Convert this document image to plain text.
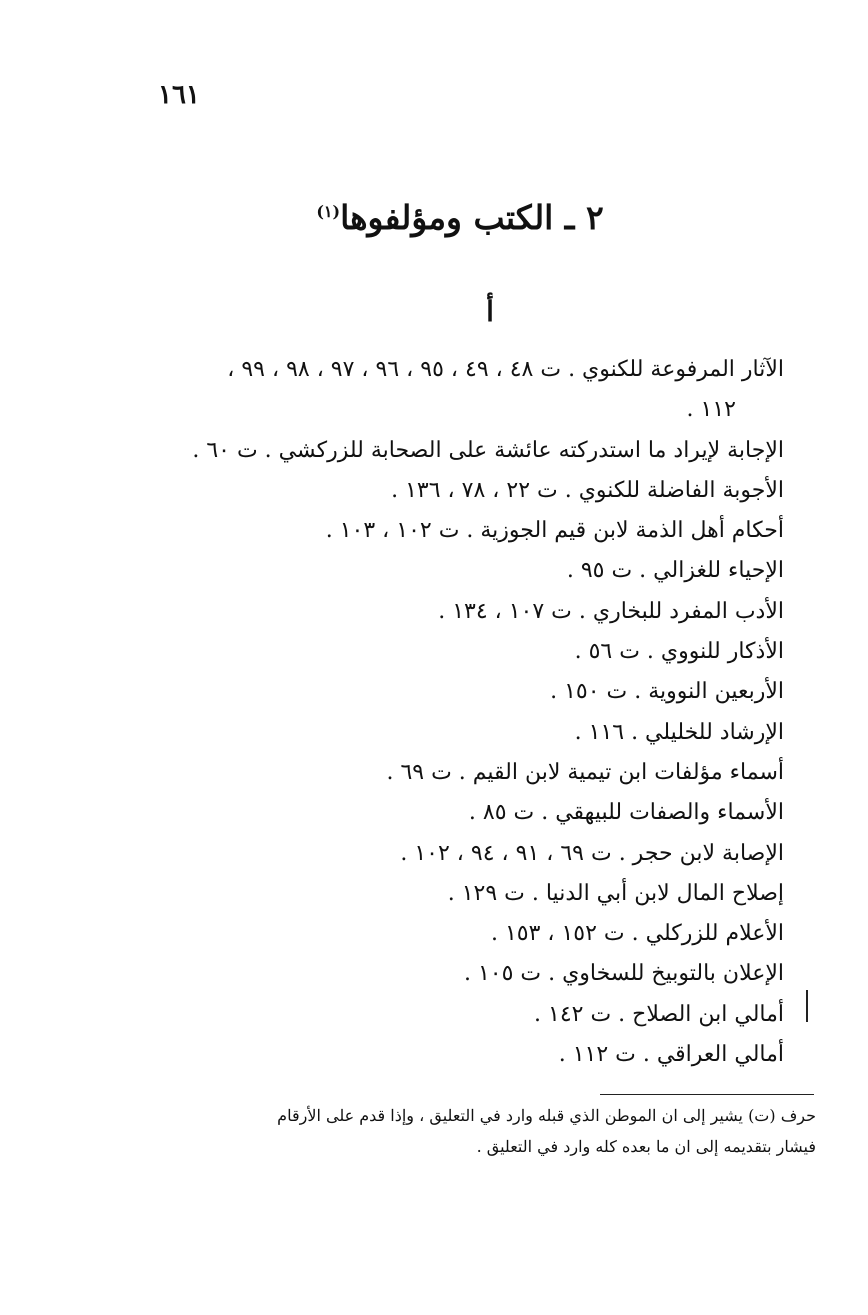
١٦١
٢ ـ الكتب ومؤلفوها$^{(١)}$
أ
الآثار المرفوعة للكنوي . ت ٤٨ ، ٤٩ ، ٩٥ ، ٩٦ ، ٩٧ ، ٩٨ ، ٩٩ ،
١١٢ .
الإجابة لإيراد ما استدركته عائشة على الصحابة للزركشي . ت ٦٠ .
الأجوبة الفاضلة للكنوي . ت ٢٢ ، ٧٨ ، ١٣٦ .
أحكام أهل الذمة لابن قيم الجوزية . ت ١٠٢ ، ١٠٣ .
الإحياء للغزالي . ت ٩٥ .
الأدب المفرد للبخاري . ت ١٠٧ ، ١٣٤ .
الأذكار للنووي . ت ٥٦ .
الأربعين النووية . ت ١٥٠ .
الإرشاد للخليلي . ١١٦ .
أسماء مؤلفات ابن تيمية لابن القيم . ت ٦٩ .
الأسماء والصفات للبيهقي . ت ٨٥ .
الإصابة لابن حجر . ت ٦٩ ، ٩١ ، ٩٤ ، ١٠٢ .
إصلاح المال لابن أبي الدنيا . ت ١٢٩ .
الأعلام للزركلي . ت ١٥٢ ، ١٥٣ .
الإعلان بالتوبيخ للسخاوي . ت ١٠٥ .
أمالي ابن الصلاح . ت ١٤٢ .
أمالي العراقي . ت ١١٢ .
حرف (ت) يشير إلى ان الموطن الذي قبله وارد في التعليق ، وإذا قدم على الأرقام
فيشار بتقديمه إلى ان ما بعده كله وارد في التعليق .
